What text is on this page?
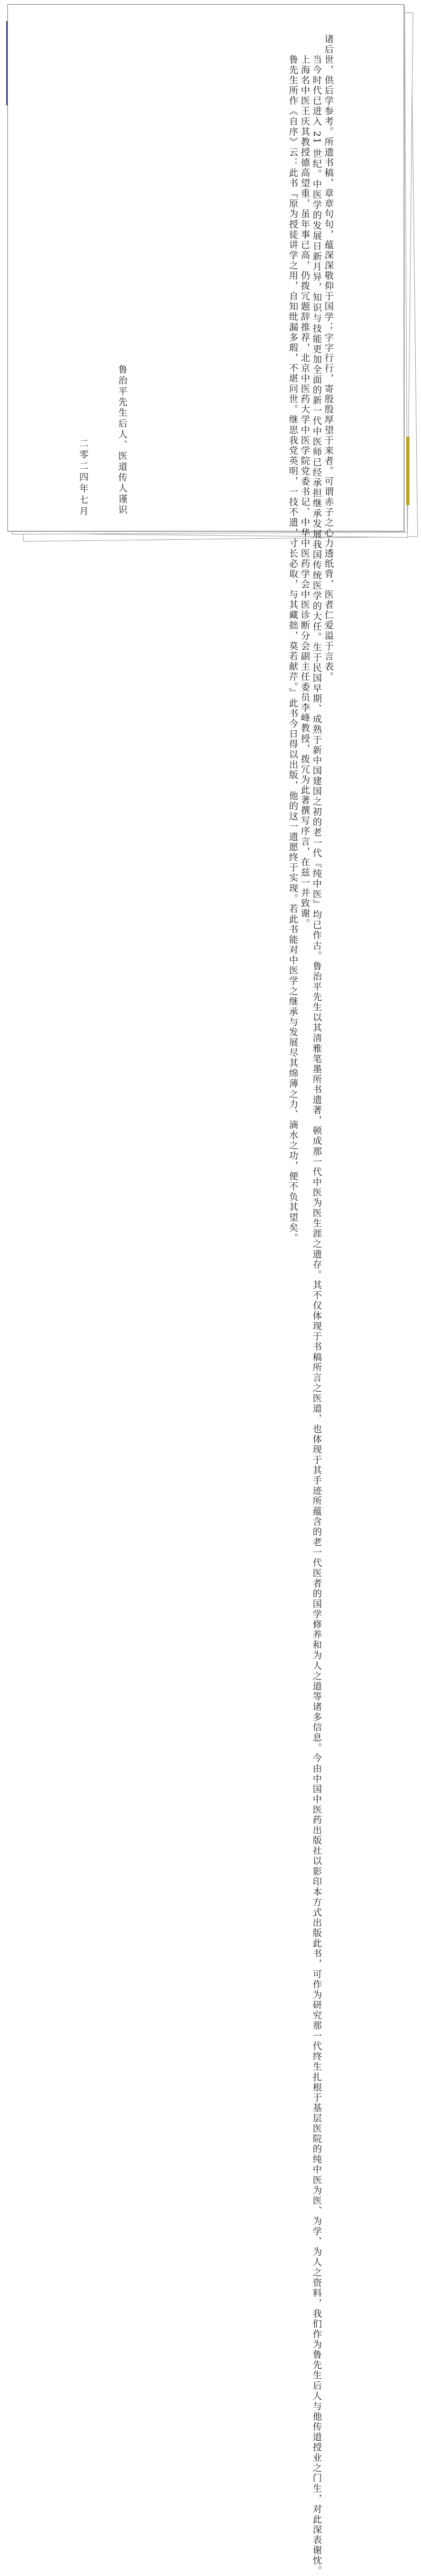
诸后世，供后学参考。所遗书稿，章章句句，蕴深深敬仰于国学；字字行行，寄殷殷厚望于来者。可谓赤子之心力透纸背，医者仁爱溢于言表。
　　当今时代已进入 21 世纪。中医学的发展日新月异，知识与技能更加全面的新一代中医师已经承担继承发展我国传统医学的大任。生于民国早期、成熟于新中国建国之初的老一代『纯中医』均已作古。鲁治平先生以其清雅笔墨所书遗著，顿成那一代中医为医生涯之遗存。其不仅体现于书稿所言之医道，也体现于其手迹所蕴含的老一代医者的国学修养和为人之道等诸多信息。今由中国中医药出版社以影印本方式出版此书，可作为研究那一代终生扎根于基层医院的纯中医为医、为学、为人之资料，我们作为鲁先生后人与他传道授业之门生，对此深表谢忱。
　　上海名中医王庆其教授德高望重，虽年事已高，仍拨冗题辞推荐，北京中医药大学中医学院党委书记、中华中医药学会中医诊断分会副主任委员李峰教授，拨冗为此著撰写序言，在兹一并致谢。
　　鲁先生所作《自序》云：此书『原为授徒讲学之用，自知纰漏多瑕，不堪问世。继思我党英明，一技不遗，寸长必取，与其藏拙，莫若献芹。』此书今日得以出版，他的这一遗愿终于实现。若此书能对中医学之继承与发展尽其绵薄之力、滴水之功，便不负其望矣。
鲁治平先生后人、医道传人谨识
二零二四年七月
